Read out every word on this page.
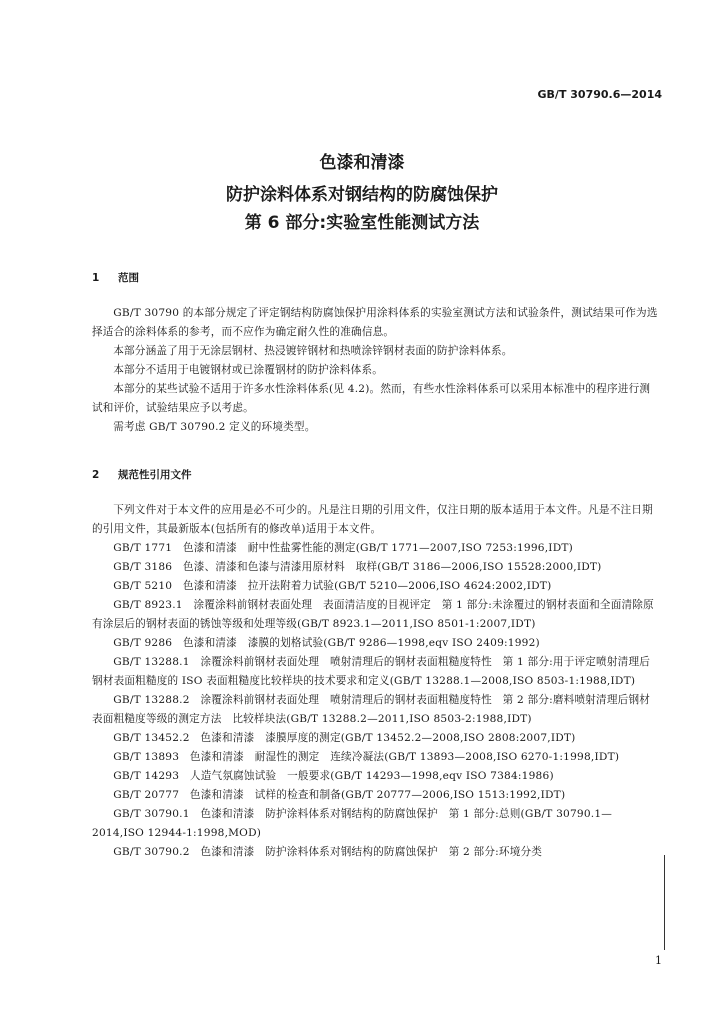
GB/T 30790.6—2014
色漆和清漆
防护涂料体系对钢结构的防腐蚀保护
第 6 部分:实验室性能测试方法
1 范围

GB/T 30790 的本部分规定了评定钢结构防腐蚀保护用涂料体系的实验室测试方法和试验条件，测试结果可作为选择适合的涂料体系的参考，而不应作为确定耐久性的准确信息。

本部分涵盖了用于无涂层钢材、热浸镀锌钢材和热喷涂锌钢材表面的防护涂料体系。

本部分不适用于电镀钢材或已涂覆钢材的防护涂料体系。

本部分的某些试验不适用于许多水性涂料体系(见 4.2)。然而，有些水性涂料体系可以采用本标准中的程序进行测试和评价，试验结果应予以考虑。

需考虑 GB/T 30790.2 定义的环境类型。

2 规范性引用文件

下列文件对于本文件的应用是必不可少的。凡是注日期的引用文件，仅注日期的版本适用于本文件。凡是不注日期的引用文件，其最新版本(包括所有的修改单)适用于本文件。

GB/T 1771　色漆和清漆　耐中性盐雾性能的测定(GB/T 1771—2007,ISO 7253:1996,IDT)

GB/T 3186　色漆、清漆和色漆与清漆用原材料　取样(GB/T 3186—2006,ISO 15528:2000,IDT)

GB/T 5210　色漆和清漆　拉开法附着力试验(GB/T 5210—2006,ISO 4624:2002,IDT)

GB/T 8923.1　涂覆涂料前钢材表面处理　表面清洁度的目视评定　第 1 部分:未涂覆过的钢材表面和全面清除原有涂层后的钢材表面的锈蚀等级和处理等级(GB/T 8923.1—2011,ISO 8501-1:2007,IDT)

GB/T 9286　色漆和清漆　漆膜的划格试验(GB/T 9286—1998,eqv ISO 2409:1992)

GB/T 13288.1　涂覆涂料前钢材表面处理　喷射清理后的钢材表面粗糙度特性　第 1 部分:用于评定喷射清理后钢材表面粗糙度的 ISO 表面粗糙度比较样块的技术要求和定义(GB/T 13288.1—2008,ISO 8503-1:1988,IDT)

GB/T 13288.2　涂覆涂料前钢材表面处理　喷射清理后的钢材表面粗糙度特性　第 2 部分:磨料喷射清理后钢材表面粗糙度等级的测定方法　比较样块法(GB/T 13288.2—2011,ISO 8503-2:1988,IDT)

GB/T 13452.2　色漆和清漆　漆膜厚度的测定(GB/T 13452.2—2008,ISO 2808:2007,IDT)

GB/T 13893　色漆和清漆　耐湿性的测定　连续冷凝法(GB/T 13893—2008,ISO 6270-1:1998,IDT)

GB/T 14293　人造气氛腐蚀试验　一般要求(GB/T 14293—1998,eqv ISO 7384:1986)

GB/T 20777　色漆和清漆　试样的检查和制备(GB/T 20777—2006,ISO 1513:1992,IDT)

GB/T 30790.1　色漆和清漆　防护涂料体系对钢结构的防腐蚀保护　第 1 部分:总则(GB/T 30790.1—2014,ISO 12944-1:1998,MOD)

GB/T 30790.2　色漆和清漆　防护涂料体系对钢结构的防腐蚀保护　第 2 部分:环境分类

1
